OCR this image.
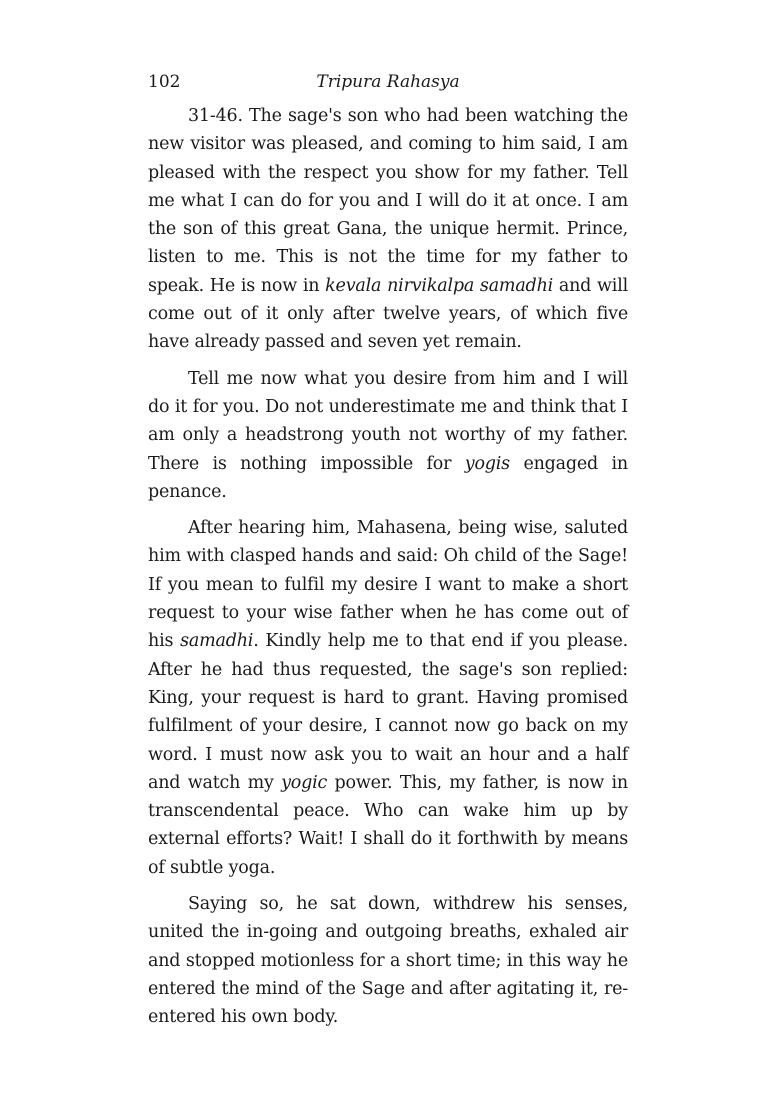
102	Tripura Rahasya

31-46. The sage's son who had been watching the new visitor was pleased, and coming to him said, I am pleased with the respect you show for my father. Tell me what I can do for you and I will do it at once. I am the son of this great Gana, the unique hermit. Prince, listen to me. This is not the time for my father to speak. He is now in kevala nirvikalpa samadhi and will come out of it only after twelve years, of which five have already passed and seven yet remain.

Tell me now what you desire from him and I will do it for you. Do not underestimate me and think that I am only a headstrong youth not worthy of my father. There is nothing impossible for yogis engaged in penance.

After hearing him, Mahasena, being wise, saluted him with clasped hands and said: Oh child of the Sage! If you mean to fulfil my desire I want to make a short request to your wise father when he has come out of his samadhi. Kindly help me to that end if you please. After he had thus requested, the sage's son replied: King, your request is hard to grant. Having promised fulfilment of your desire, I cannot now go back on my word. I must now ask you to wait an hour and a half and watch my yogic power. This, my father, is now in transcendental peace. Who can wake him up by external efforts? Wait! I shall do it forthwith by means of subtle yoga.

Saying so, he sat down, withdrew his senses, united the in-going and outgoing breaths, exhaled air and stopped motionless for a short time; in this way he entered the mind of the Sage and after agitating it, re-entered his own body.
